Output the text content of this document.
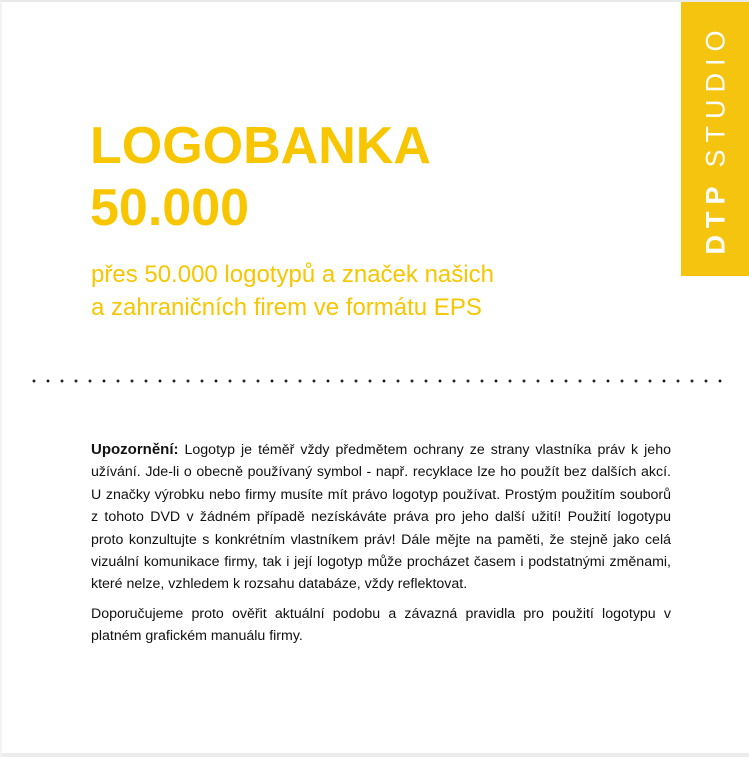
DTPSTUDIO
LOGOBANKA
50.000
přes 50.000 logotypů a značek našich
a zahraničních firem ve formátu EPS

Upozornění: Logotyp je téměř vždy předmětem ochrany ze strany vlastníka práv k jeho užívání. Jde-li o obecně používaný symbol - např. recyklace lze ho použít bez dalších akcí. U značky výrobku nebo firmy musíte mít právo logotyp používat. Prostým použitím souborů z tohoto DVD v žádném případě nezískáváte práva pro jeho další užití! Použití logotypu proto konzultujte s konkrétním vlastníkem práv! Dále mějte na paměti, že stejně jako celá vizuální komunikace firmy, tak i její logotyp může procházet časem i podstatnými změnami, které nelze, vzhledem k rozsahu databáze, vždy reflektovat.

Doporučujeme proto ověřit aktuální podobu a závazná pravidla pro použití logotypu v platném grafickém manuálu firmy.
